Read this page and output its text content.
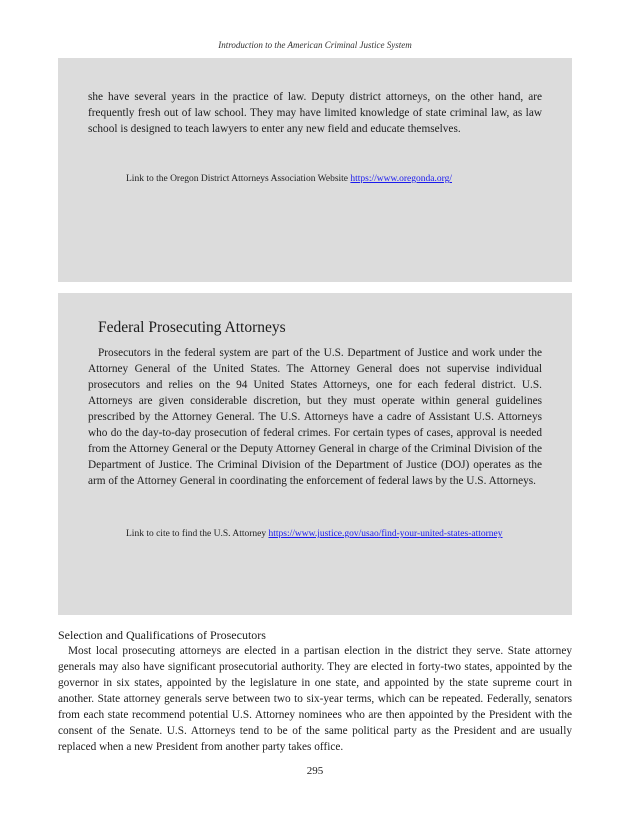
Introduction to the American Criminal Justice System

she have several years in the practice of law. Deputy district attorneys, on the other hand, are frequently fresh out of law school. They may have limited knowledge of state criminal law, as law school is designed to teach lawyers to enter any new field and educate themselves.

Link to the Oregon District Attorneys Association Website https://www.oregonda.org/
Federal Prosecuting Attorneys

Prosecutors in the federal system are part of the U.S. Department of Justice and work under the Attorney General of the United States. The Attorney General does not supervise individual prosecutors and relies on the 94 United States Attorneys, one for each federal district. U.S. Attorneys are given considerable discretion, but they must operate within general guidelines prescribed by the Attorney General. The U.S. Attorneys have a cadre of Assistant U.S. Attorneys who do the day-to-day prosecution of federal crimes. For certain types of cases, approval is needed from the Attorney General or the Deputy Attorney General in charge of the Criminal Division of the Department of Justice. The Criminal Division of the Department of Justice (DOJ) operates as the arm of the Attorney General in coordinating the enforcement of federal laws by the U.S. Attorneys.

Link to cite to find the U.S. Attorney https://www.justice.gov/usao/find-your-united-states-attorney
Selection and Qualifications of Prosecutors

Most local prosecuting attorneys are elected in a partisan election in the district they serve. State attorney generals may also have significant prosecutorial authority. They are elected in forty-two states, appointed by the governor in six states, appointed by the legislature in one state, and appointed by the state supreme court in another. State attorney generals serve between two to six-year terms, which can be repeated. Federally, senators from each state recommend potential U.S. Attorney nominees who are then appointed by the President with the consent of the Senate. U.S. Attorneys tend to be of the same political party as the President and are usually replaced when a new President from another party takes office.

295
